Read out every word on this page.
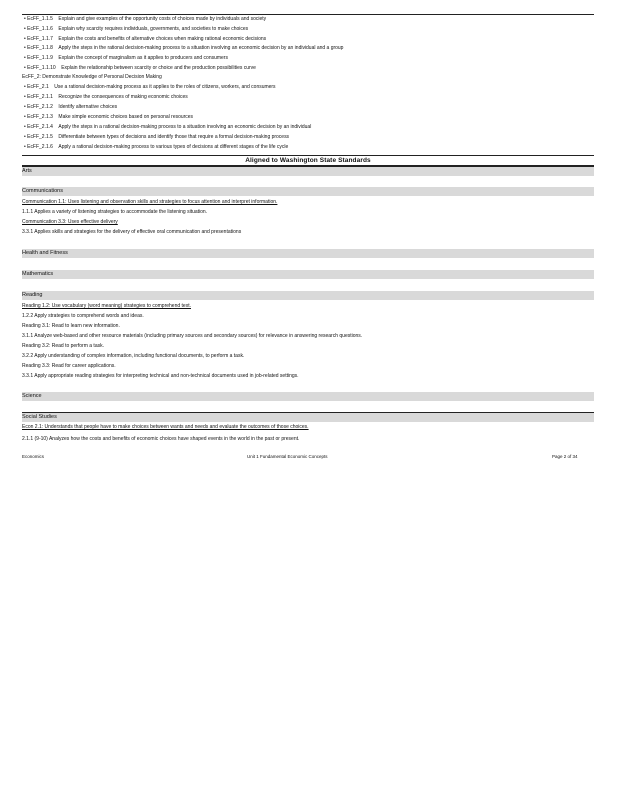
• EcFF_1.1.5 Explain and give examples of the opportunity costs of choices made by individuals and society
• EcFF_1.1.6 Explain why scarcity requires individuals, governments, and societies to make choices
• EcFF_1.1.7 Explain the costs and benefits of alternative choices when making rational economic decisions
• EcFF_1.1.8 Apply the steps in the rational decision-making process to a situation involving an economic decision by an individual and a group
• EcFF_1.1.9 Explain the concept of marginalism as it applies to producers and consumers
• EcFF_1.1.10 Explain the relationship between scarcity or choice and the production possibilities curve
EcFF_2: Demonstrate Knowledge of Personal Decision Making
• EcFF_2.1 Use a rational decision-making process as it applies to the roles of citizens, workers, and consumers
• EcFF_2.1.1 Recognize the consequences of making economic choices
• EcFF_2.1.2 Identify alternative choices
• EcFF_2.1.3 Make simple economic choices based on personal resources
• EcFF_2.1.4 Apply the steps in a rational decision-making process to a situation involving an economic decision by an individual
• EcFF_2.1.5 Differentiate between types of decisions and identify those that require a formal decision-making process
• EcFF_2.1.6 Apply a rational decision-making process to various types of decisions at different stages of the life cycle
Aligned to Washington State Standards
Arts
Communications
Communication 1.1: Uses listening and observation skills and strategies to focus attention and interpret information.
1.1.1 Applies a variety of listening strategies to accommodate the listening situation.
Communication 3.3: Uses effective delivery
3.3.1 Applies skills and strategies for the delivery of effective oral communication and presentations
Health and Fitness
Mathematics
Reading
Reading 1.2: Use vocabulary (word meaning) strategies to comprehend text.
1.2.2 Apply strategies to comprehend words and ideas.
Reading 3.1: Read to learn new information.
3.1.1 Analyze web-based and other resource materials (including primary sources and secondary sources) for relevance in answering research questions.
Reading 3.2: Read to perform a task.
3.2.2 Apply understanding of complex information, including functional documents, to perform a task.
Reading 3.3: Read for career applications.
3.3.1 Apply appropriate reading strategies for interpreting technical and non-technical documents used in job-related settings.
Science
Social Studies
Econ 2.1: Understands that people have to make choices between wants and needs and evaluate the outcomes of those choices.
2.1.1 (9-10) Analyzes how the costs and benefits of economic choices have shaped events in the world in the past or present.
Economics	Unit 1 Fundamental Economic Concepts	Page 2 of 34
